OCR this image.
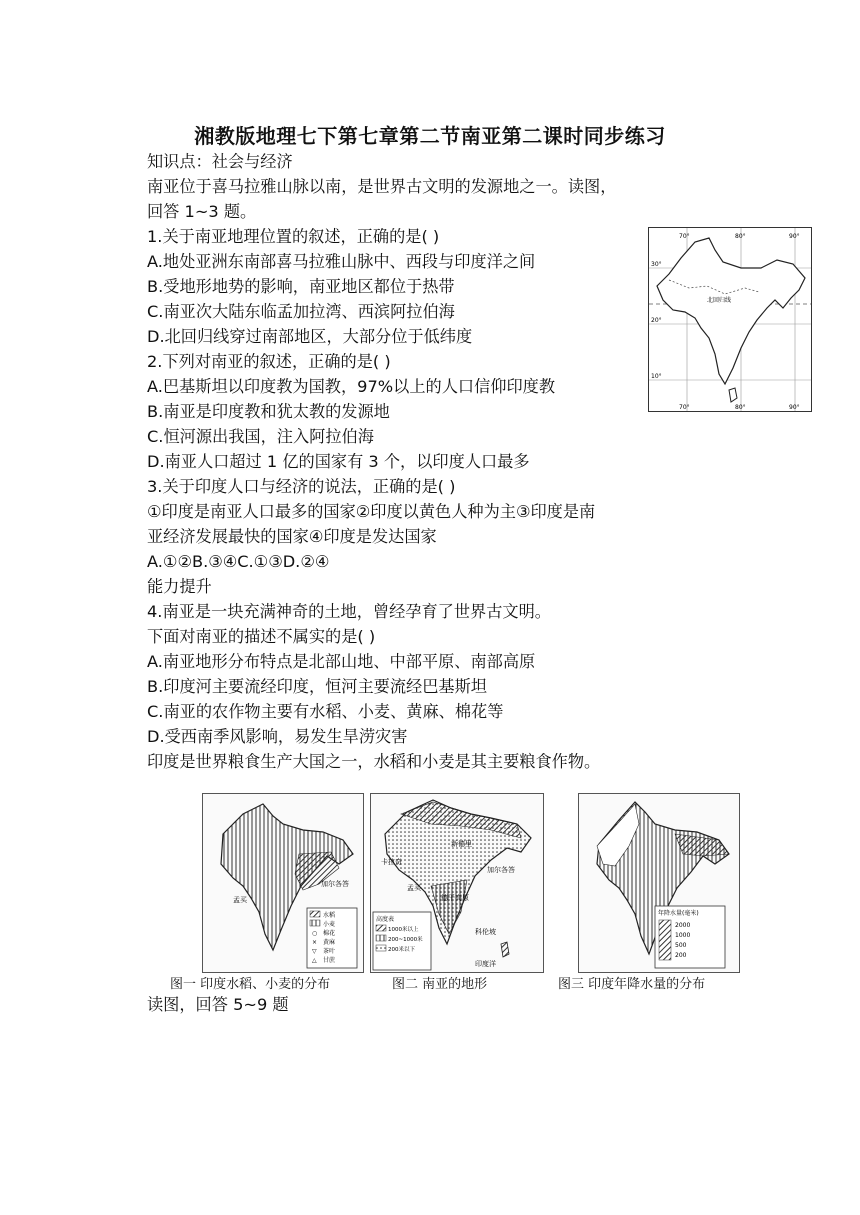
湘教版地理七下第七章第二节南亚第二课时同步练习
知识点：社会与经济
南亚位于喜马拉雅山脉以南，是世界古文明的发源地之一。读图，
回答 1~3 题。
1.关于南亚地理位置的叙述，正确的是( )
A.地处亚洲东南部喜马拉雅山脉中、西段与印度洋之间
B.受地形地势的影响，南亚地区都位于热带
C.南亚次大陆东临孟加拉湾、西滨阿拉伯海
D.北回归线穿过南部地区，大部分位于低纬度
2.下列对南亚的叙述，正确的是( )
A.巴基斯坦以印度教为国教，97%以上的人口信仰印度教
B.南亚是印度教和犹太教的发源地
C.恒河源出我国，注入阿拉伯海
D.南亚人口超过 1 亿的国家有 3 个，以印度人口最多
3.关于印度人口与经济的说法，正确的是( )
①印度是南亚人口最多的国家②印度以黄色人种为主③印度是南
亚经济发展最快的国家④印度是发达国家
A.①②B.③④C.①③D.②④
能力提升
4.南亚是一块充满神奇的土地，曾经孕育了世界古文明。
下面对南亚的描述不属实的是( )
A.南亚地形分布特点是北部山地、中部平原、南部高原
B.印度河主要流经印度，恒河主要流经巴基斯坦
C.南亚的农作物主要有水稻、小麦、黄麻、棉花等
D.受西南季风影响，易发生旱涝灾害
印度是世界粮食生产大国之一，水稻和小麦是其主要粮食作物。
70°	80°	90°
30°
20°
10°
北回归线
70°	80°	90°
加尔各答
孟买
水稻
小麦
○ 棉花
× 黄麻
▽ 茶叶
△ 甘蔗
图一 印度水稻、小麦的分布
卡拉奇
新德里
加尔各答
孟买
德干高原
科伦坡
高度表
1000米以上
200~1000米
200米以下
印度洋
图二 南亚的地形
年降水量(毫米)
2000
1000
500
200
图三 印度年降水量的分布
读图，回答 5~9 题
